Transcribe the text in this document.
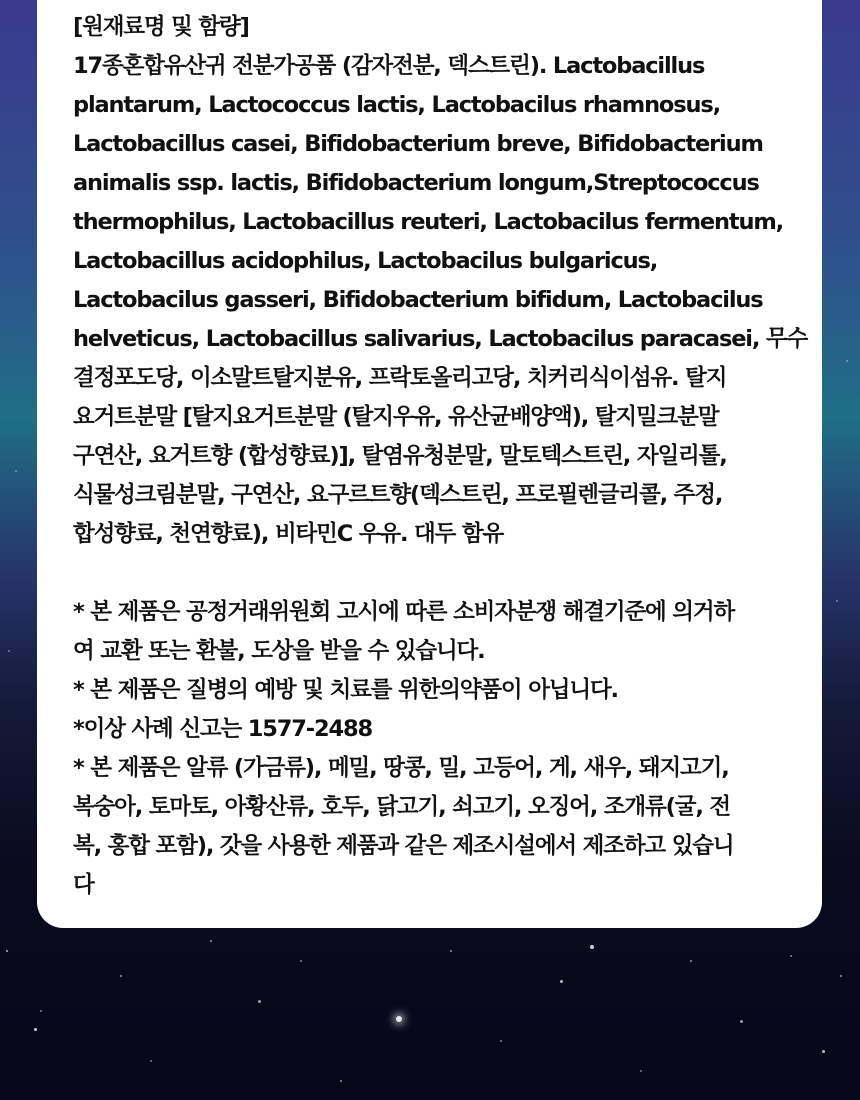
[원재료명 및 함량]
17종혼합유산귀 전분가공품 (감자전분, 덱스트린). Lactobacillus
plantarum, Lactococcus lactis, Lactobacilus rhamnosus,
Lactobacillus casei, Bifidobacterium breve, Bifidobacterium
animalis ssp. lactis, Bifidobacterium longum,Streptococcus
thermophilus, Lactobacillus reuteri, Lactobacilus fermentum,
Lactobacillus acidophilus, Lactobacilus bulgaricus,
Lactobacilus gasseri, Bifidobacterium bifidum, Lactobacilus
helveticus, Lactobacillus salivarius, Lactobacilus paracasei, 무수
결정포도당, 이소말트탈지분유, 프락토올리고당, 치커리식이섬유. 탈지
요거트분말 [탈지요거트분말 (탈지우유, 유산균배양액), 탈지밀크분말
구연산, 요거트향 (합성향료)], 탈염유청분말, 말토텍스트린, 자일리톨,
식물성크림분말, 구연산, 요구르트향(덱스트린, 프로필렌글리콜, 주정,
합성향료, 천연향료), 비타민C 우유. 대두 함유
* 본 제품은 공정거래위원회 고시에 따른 소비자분쟁 해결기준에 의거하
여 교환 또는 환불, 도상을 받을 수 있습니다.
* 본 제품은 질병의 예방 및 치료를 위한의약품이 아닙니다.
*이상 사례 신고는 1577-2488
* 본 제품은 알류 (가금류), 메밀, 땅콩, 밀, 고등어, 게, 새우, 돼지고기,
복숭아, 토마토, 아황산류, 호두, 닭고기, 쇠고기, 오징어, 조개류(굴, 전
복, 홍합 포함), 갓을 사용한 제품과 같은 제조시설에서 제조하고 있습니
다
